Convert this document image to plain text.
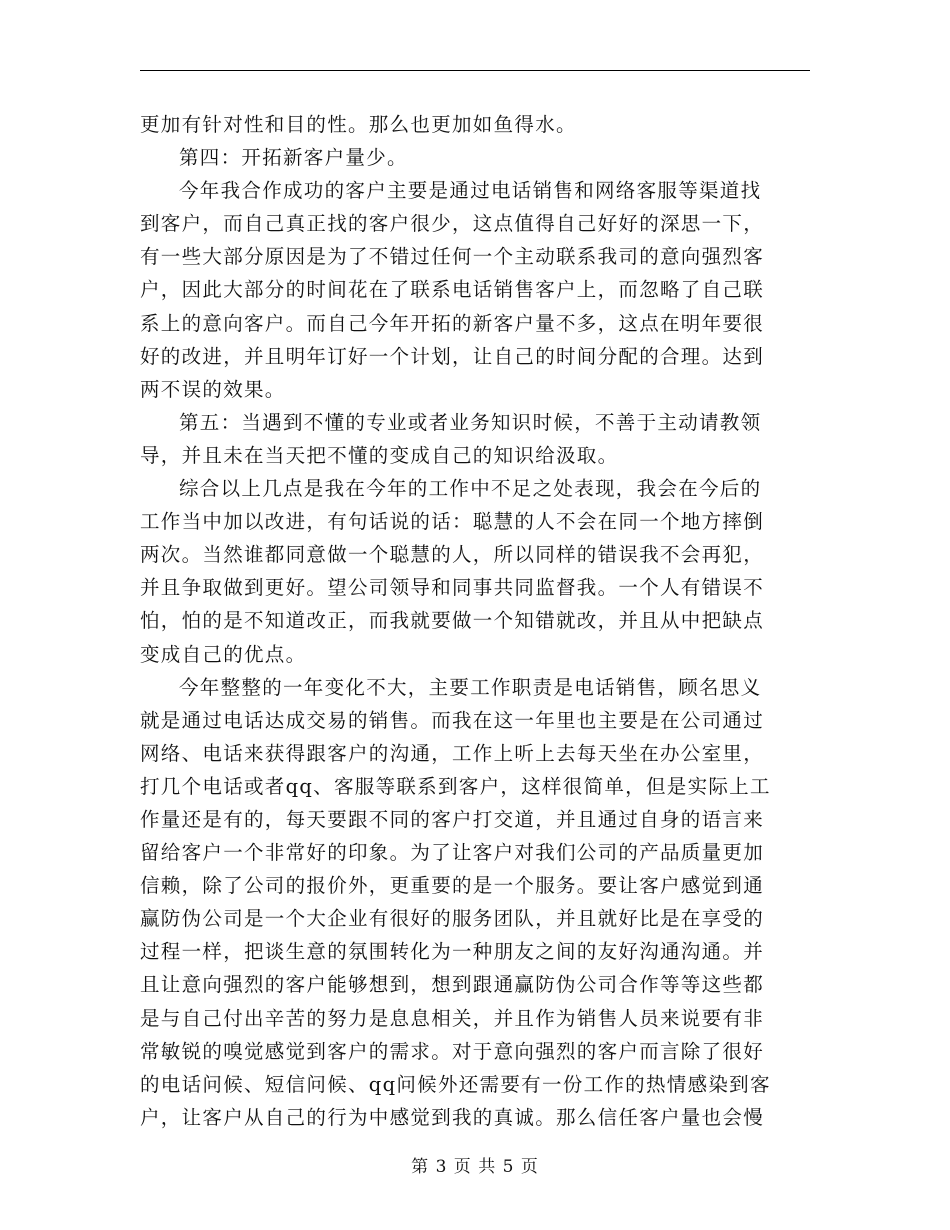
更加有针对性和目的性。那么也更加如鱼得水。
第四：开拓新客户量少。
今年我合作成功的客户主要是通过电话销售和网络客服等渠道找
到客户，而自己真正找的客户很少，这点值得自己好好的深思一下，
有一些大部分原因是为了不错过任何一个主动联系我司的意向强烈客
户，因此大部分的时间花在了联系电话销售客户上，而忽略了自己联
系上的意向客户。而自己今年开拓的新客户量不多，这点在明年要很
好的改进，并且明年订好一个计划，让自己的时间分配的合理。达到
两不误的效果。
第五：当遇到不懂的专业或者业务知识时候，不善于主动请教领
导，并且未在当天把不懂的变成自己的知识给汲取。
综合以上几点是我在今年的工作中不足之处表现，我会在今后的
工作当中加以改进，有句话说的话：聪慧的人不会在同一个地方摔倒
两次。当然谁都同意做一个聪慧的人，所以同样的错误我不会再犯，
并且争取做到更好。望公司领导和同事共同监督我。一个人有错误不
怕，怕的是不知道改正，而我就要做一个知错就改，并且从中把缺点
变成自己的优点。
今年整整的一年变化不大，主要工作职责是电话销售，顾名思义
就是通过电话达成交易的销售。而我在这一年里也主要是在公司通过
网络、电话来获得跟客户的沟通，工作上听上去每天坐在办公室里，
打几个电话或者qq、客服等联系到客户，这样很简单，但是实际上工
作量还是有的，每天要跟不同的客户打交道，并且通过自身的语言来
留给客户一个非常好的印象。为了让客户对我们公司的产品质量更加
信赖，除了公司的报价外，更重要的是一个服务。要让客户感觉到通
赢防伪公司是一个大企业有很好的服务团队，并且就好比是在享受的
过程一样，把谈生意的氛围转化为一种朋友之间的友好沟通沟通。并
且让意向强烈的客户能够想到，想到跟通赢防伪公司合作等等这些都
是与自己付出辛苦的努力是息息相关，并且作为销售人员来说要有非
常敏锐的嗅觉感觉到客户的需求。对于意向强烈的客户而言除了很好
的电话问候、短信问候、qq问候外还需要有一份工作的热情感染到客
户，让客户从自己的行为中感觉到我的真诚。那么信任客户量也会慢
第 3 页 共 5 页
